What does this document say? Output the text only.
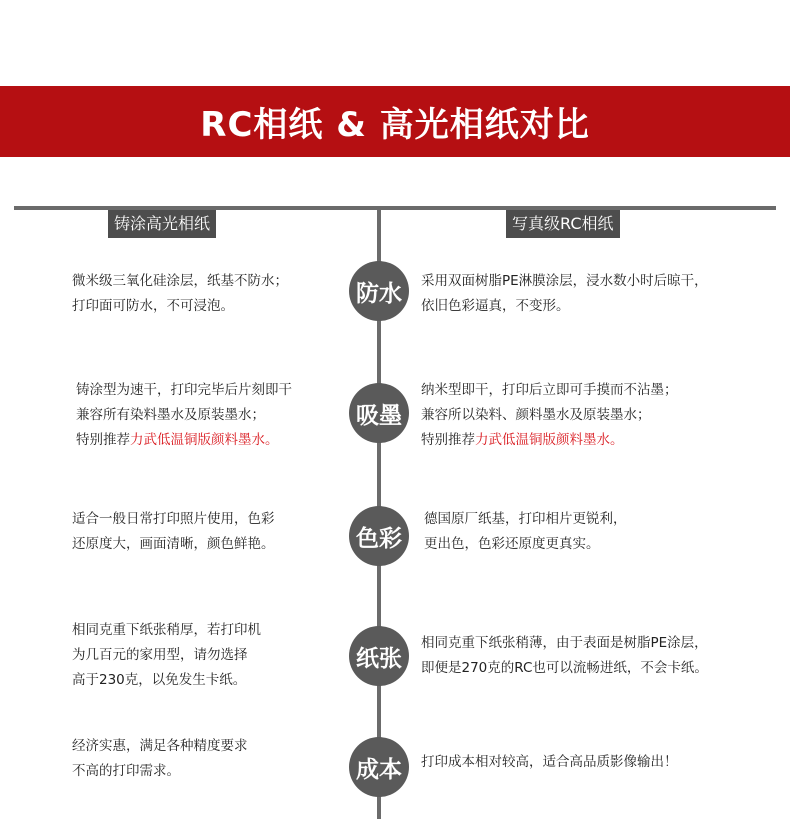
RC相纸 & 高光相纸对比
铸涂高光相纸	写真级RC相纸
防水
微米级三氧化硅涂层，纸基不防水；
打印面可防水，不可浸泡。
采用双面树脂PE淋膜涂层，浸水数小时后晾干，
依旧色彩逼真，不变形。
吸墨
铸涂型为速干，打印完毕后片刻即干
兼容所有染料墨水及原装墨水；
特别推荐力武低温铜版颜料墨水。
纳米型即干，打印后立即可手摸而不沾墨；
兼容所以染料、颜料墨水及原装墨水；
特别推荐力武低温铜版颜料墨水。
色彩
适合一般日常打印照片使用，色彩
还原度大，画面清晰，颜色鲜艳。
德国原厂纸基，打印相片更锐利，
更出色，色彩还原度更真实。
纸张
相同克重下纸张稍厚，若打印机
为几百元的家用型，请勿选择
高于230克，以免发生卡纸。
相同克重下纸张稍薄，由于表面是树脂PE涂层，
即便是270克的RC也可以流畅进纸，不会卡纸。
成本
经济实惠，满足各种精度要求
不高的打印需求。
打印成本相对较高，适合高品质影像输出！
